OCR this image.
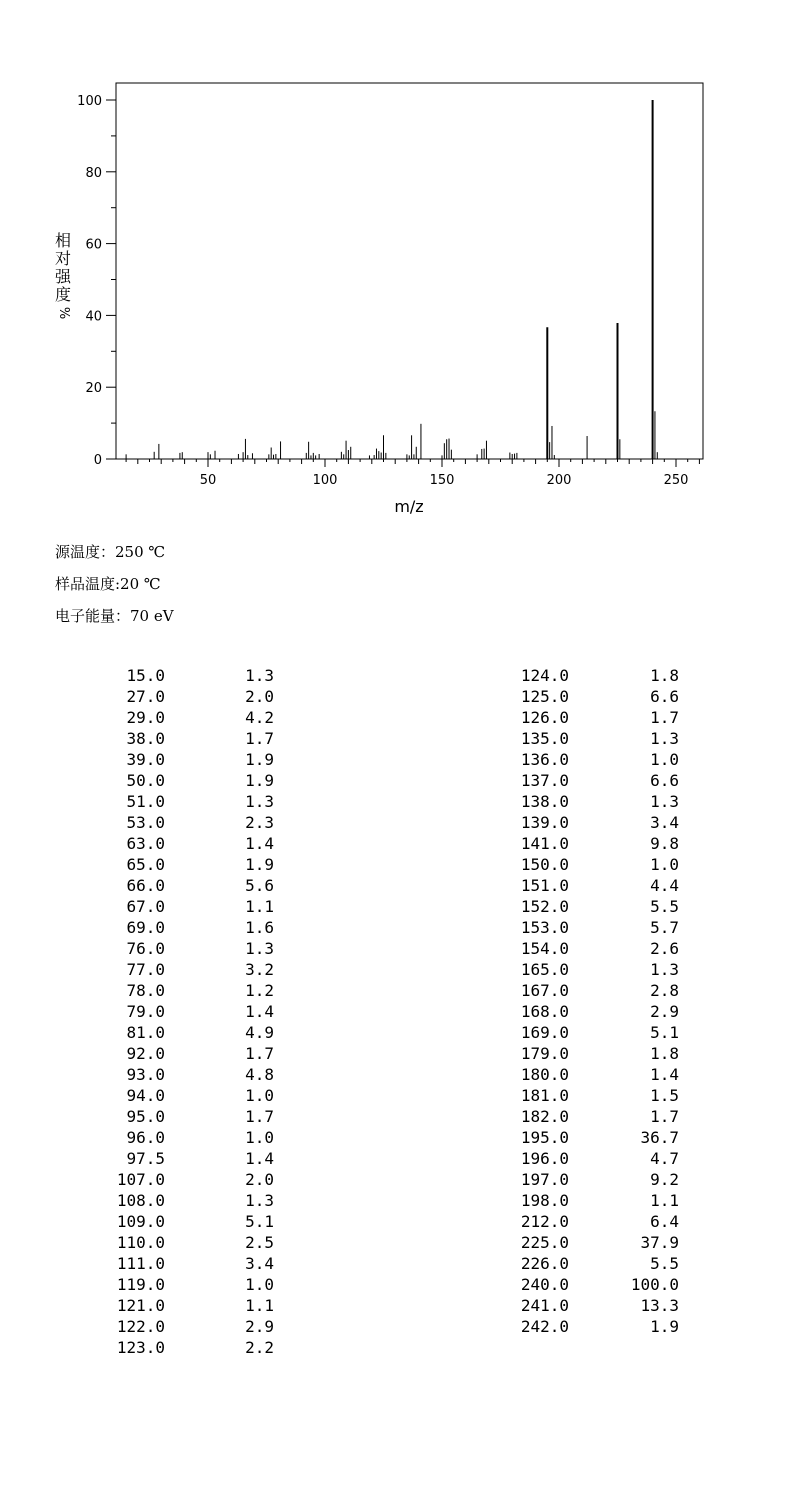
0
20
40
60
80
100
50	100	150	200	250
m/z
相
对
强
度
%
源温度：250 ℃
样品温度:20 ℃
电子能量：70 eV
15.0	1.3
27.0	2.0
29.0	4.2
38.0	1.7
39.0	1.9
50.0	1.9
51.0	1.3
53.0	2.3
63.0	1.4
65.0	1.9
66.0	5.6
67.0	1.1
69.0	1.6
76.0	1.3
77.0	3.2
78.0	1.2
79.0	1.4
81.0	4.9
92.0	1.7
93.0	4.8
94.0	1.0
95.0	1.7
96.0	1.0
97.5	1.4
107.0	2.0
108.0	1.3
109.0	5.1
110.0	2.5
111.0	3.4
119.0	1.0
121.0	1.1
122.0	2.9
123.0	2.2
124.0	1.8
125.0	6.6
126.0	1.7
135.0	1.3
136.0	1.0
137.0	6.6
138.0	1.3
139.0	3.4
141.0	9.8
150.0	1.0
151.0	4.4
152.0	5.5
153.0	5.7
154.0	2.6
165.0	1.3
167.0	2.8
168.0	2.9
169.0	5.1
179.0	1.8
180.0	1.4
181.0	1.5
182.0	1.7
195.0	36.7
196.0	4.7
197.0	9.2
198.0	1.1
212.0	6.4
225.0	37.9
226.0	5.5
240.0	100.0
241.0	13.3
242.0	1.9
